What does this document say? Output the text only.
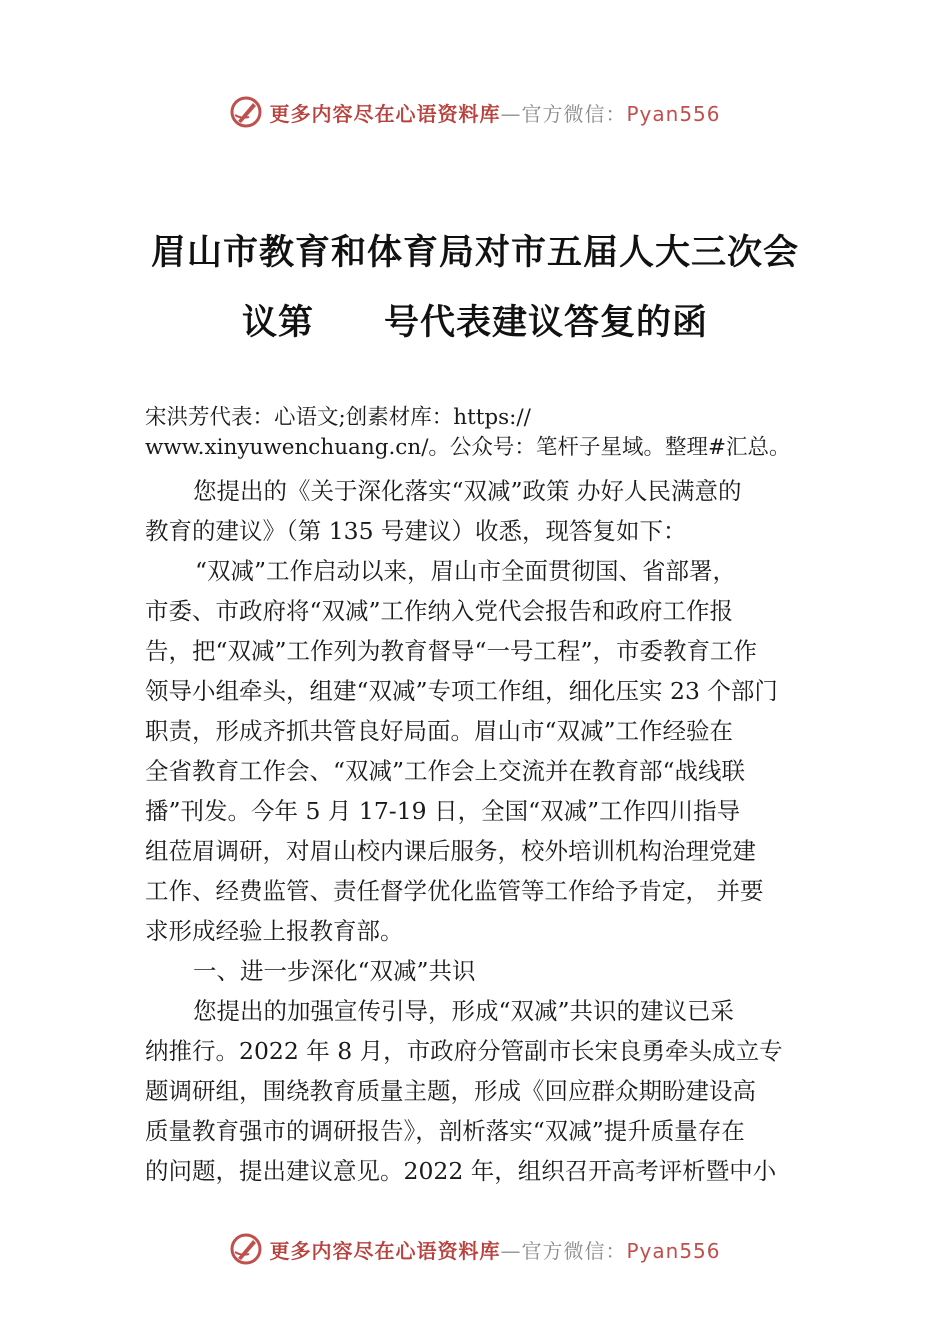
更多内容尽在心语资料库—官方微信：Pyan556
眉山市教育和体育局对市五届人大三次会
议第 号代表建议答复的函
宋洪芳代表：心语文;创素材库：https://
www.xinyuwenchuang.cn/。公众号：笔杆子星域。整理#汇总。
您提出的《关于深化落实“双减”政策 办好人民满意的
教育的建议》（第 135 号建议）收悉，现答复如下：
“双减”工作启动以来，眉山市全面贯彻国、省部署，
市委、市政府将“双减”工作纳入党代会报告和政府工作报
告，把“双减”工作列为教育督导“一号工程”，市委教育工作
领导小组牵头，组建“双减”专项工作组，细化压实 23 个部门
职责，形成齐抓共管良好局面。眉山市“双减”工作经验在
全省教育工作会、“双减”工作会上交流并在教育部“战线联
播”刊发。今年 5 月 17-19 日，全国“双减”工作四川指导
组莅眉调研，对眉山校内课后服务，校外培训机构治理党建
工作、经费监管、责任督学优化监管等工作给予肯定， 并要
求形成经验上报教育部。
一、进一步深化“双减”共识
您提出的加强宣传引导，形成“双减”共识的建议已采
纳推行。2022 年 8 月，市政府分管副市长宋良勇牵头成立专
题调研组，围绕教育质量主题，形成《回应群众期盼建设高
质量教育强市的调研报告》，剖析落实“双减”提升质量存在
的问题，提出建议意见。2022 年，组织召开高考评析暨中小
更多内容尽在心语资料库—官方微信：Pyan556
